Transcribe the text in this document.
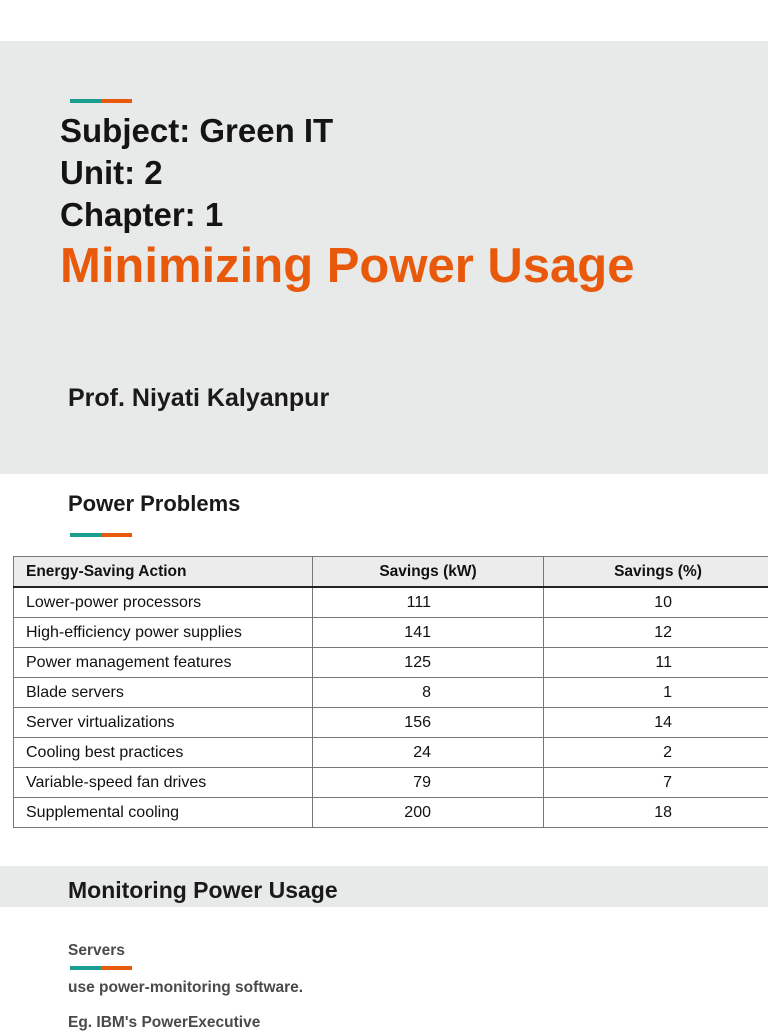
Subject: Green IT
Unit: 2
Chapter: 1
Minimizing Power Usage
Prof. Niyati Kalyanpur
Power Problems
Energy-Saving Action	Savings (kW)	Savings (%)
Lower-power processors	111	10
High-efficiency power supplies	141	12
Power management features	125	11
Blade servers	8	1
Server virtualizations	156	14
Cooling best practices	24	2
Variable-speed fan drives	79	7
Supplemental cooling	200	18
Monitoring Power Usage
Servers
use power-monitoring software.
Eg. IBM's PowerExecutive
